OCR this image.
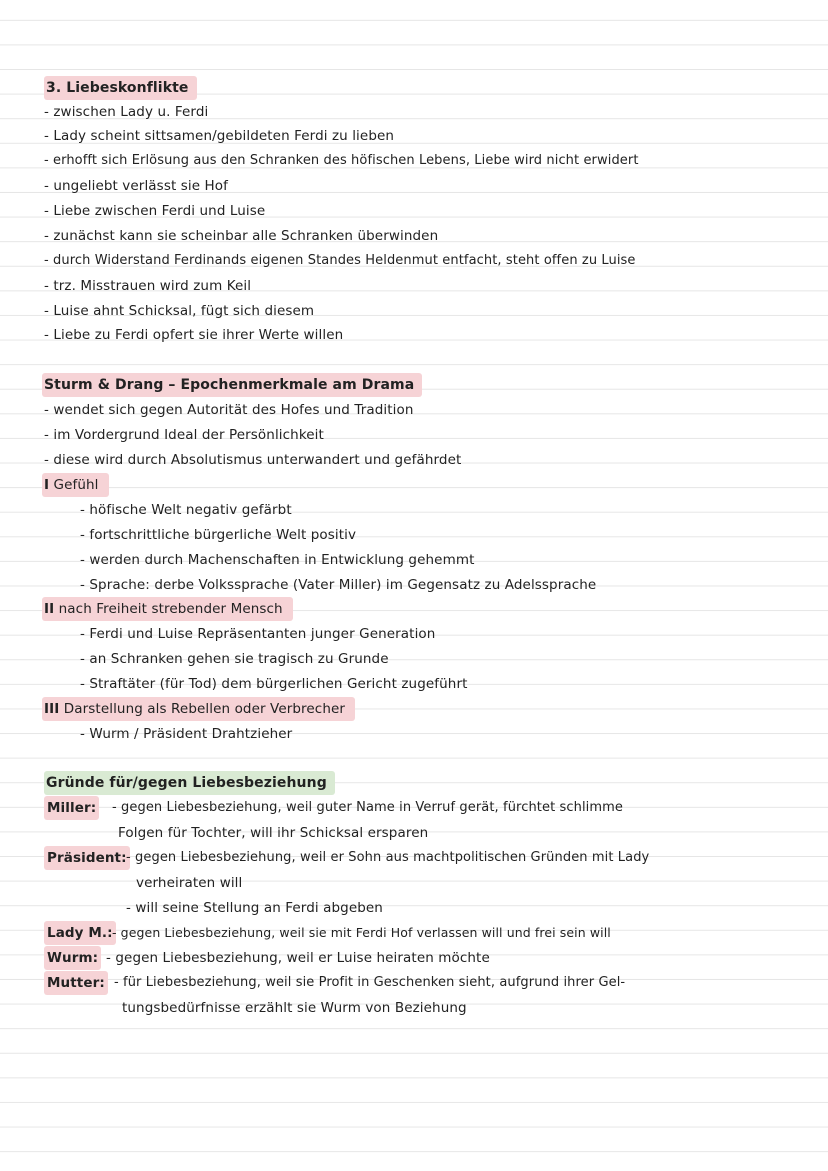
3. Liebeskonflikte
- zwischen Lady u. Ferdi
- Lady scheint sittsamen/gebildeten Ferdi zu lieben
- erhofft sich Erlösung aus den Schranken des höfischen Lebens, Liebe wird nicht erwidert
- ungeliebt verlässt sie Hof
- Liebe zwischen Ferdi und Luise
- zunächst kann sie scheinbar alle Schranken überwinden
- durch Widerstand Ferdinands eigenen Standes Heldenmut entfacht, steht offen zu Luise
- trz. Misstrauen wird zum Keil
- Luise ahnt Schicksal, fügt sich diesem
- Liebe zu Ferdi opfert sie ihrer Werte willen
Sturm & Drang – Epochenmerkmale am Drama
- wendet sich gegen Autorität des Hofes und Tradition
- im Vordergrund Ideal der Persönlichkeit
- diese wird durch Absolutismus unterwandert und gefährdet
I Gefühl
- höfische Welt negativ gefärbt
- fortschrittliche bürgerliche Welt positiv
- werden durch Machenschaften in Entwicklung gehemmt
- Sprache: derbe Volkssprache (Vater Miller) im Gegensatz zu Adelssprache
II nach Freiheit strebender Mensch
- Ferdi und Luise Repräsentanten junger Generation
- an Schranken gehen sie tragisch zu Grunde
- Straftäter (für Tod) dem bürgerlichen Gericht zugeführt
III Darstellung als Rebellen oder Verbrecher
- Wurm / Präsident Drahtzieher
Gründe für/gegen Liebesbeziehung
Miller: - gegen Liebesbeziehung, weil guter Name in Verruf gerät, fürchtet schlimme
Folgen für Tochter, will ihr Schicksal ersparen
Präsident: - gegen Liebesbeziehung, weil er Sohn aus machtpolitischen Gründen mit Lady
verheiraten will
- will seine Stellung an Ferdi abgeben
Lady M.: - gegen Liebesbeziehung, weil sie mit Ferdi Hof verlassen will und frei sein will
Wurm: - gegen Liebesbeziehung, weil er Luise heiraten möchte
Mutter: - für Liebesbeziehung, weil sie Profit in Geschenken sieht, aufgrund ihrer Gel-
tungsbedürfnisse erzählt sie Wurm von Beziehung
